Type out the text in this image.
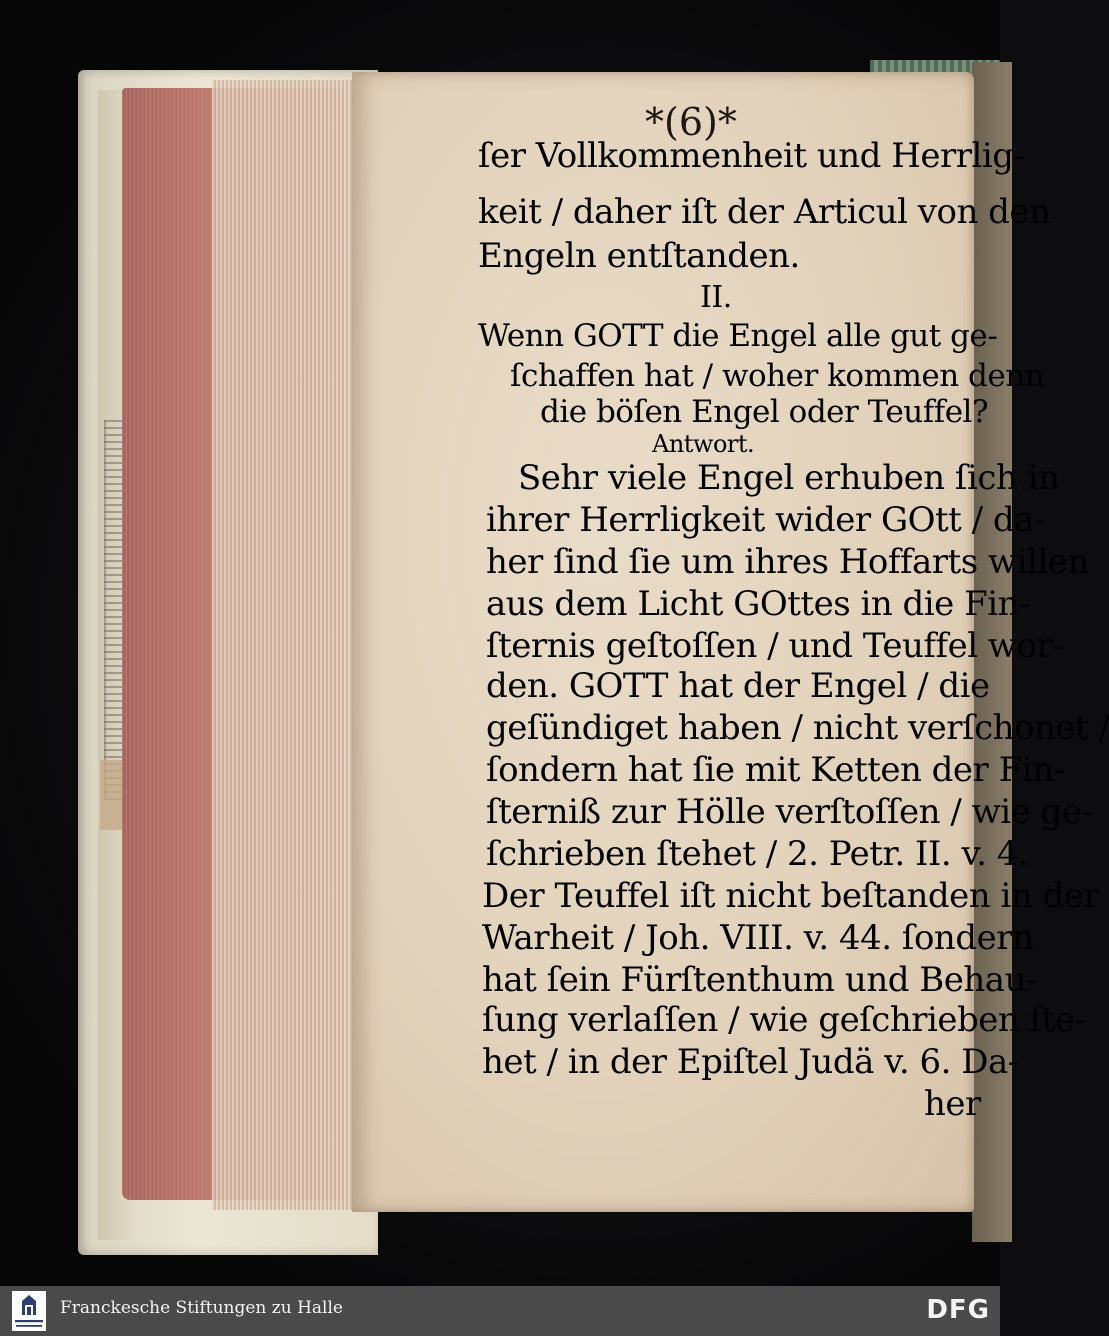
*(6)*
ſer Vollkommenheit und Herrlig-
keit / daher iſt der Articul von den
Engeln entſtanden.
II.
Wenn GOTT die Engel alle gut ge-
ſchaffen hat / woher kommen denn
die böſen Engel oder Teuffel?
Antwort.
Sehr viele Engel erhuben ſich in
ihrer Herrligkeit wider GOtt / da-
her ſind ſie um ihres Hoffarts willen
aus dem Licht GOttes in die Fin-
ſternis geſtoſſen / und Teuffel wor-
den. GOTT hat der Engel / die
geſündiget haben / nicht verſchonet /
ſondern hat ſie mit Ketten der Fin-
ſterniß zur Hölle verſtoſſen / wie ge-
ſchrieben ſtehet / 2. Petr. II. v. 4.
Der Teuffel iſt nicht beſtanden in der
Warheit / Joh. VIII. v. 44. ſondern
hat ſein Fürſtenthum und Behau-
ſung verlaſſen / wie geſchrieben ſte-
het / in der Epiſtel Judä v. 6. Da-
her
Franckesche Stiftungen zu Halle	DFG
